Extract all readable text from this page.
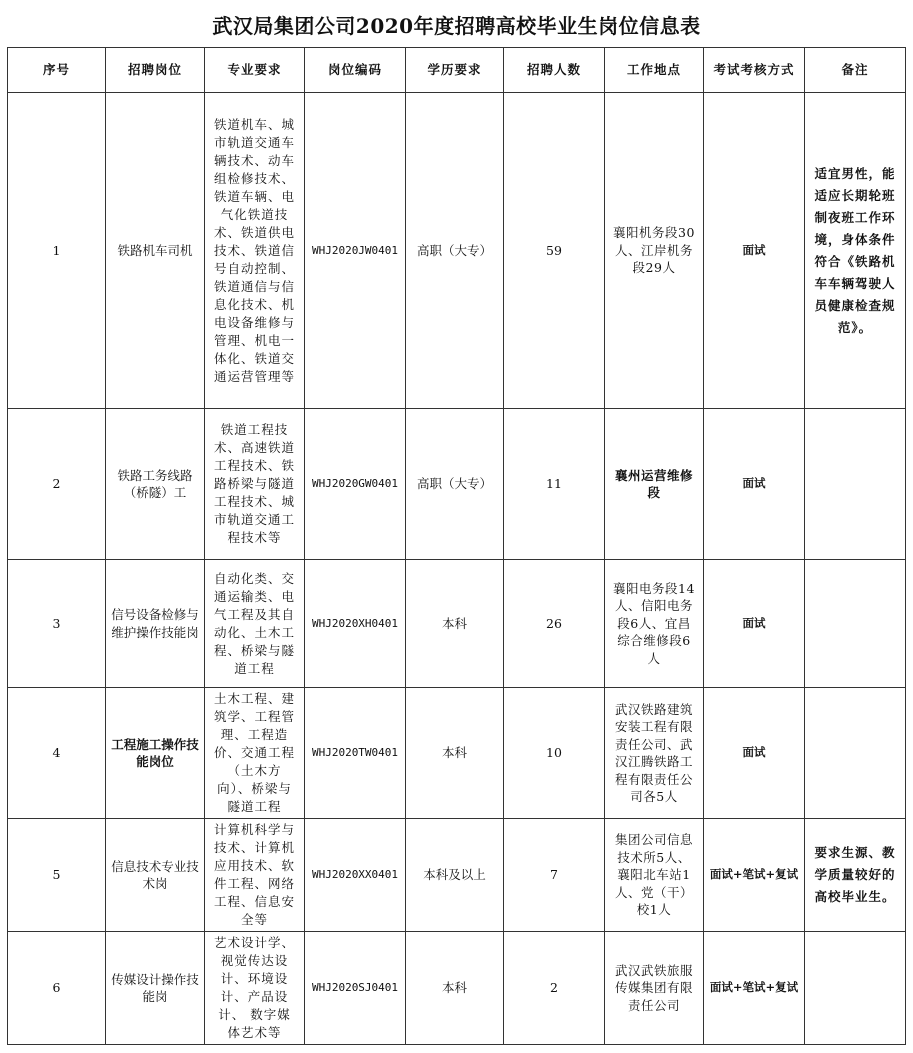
武汉局集团公司2020年度招聘高校毕业生岗位信息表
序号	招聘岗位	专业要求	岗位编码	学历要求	招聘人数	工作地点	考试考核方式	备注
1	铁路机车司机	铁道机车、城市轨道交通车辆技术、动车组检修技术、铁道车辆、电气化铁道技术、铁道供电技术、铁道信号自动控制、铁道通信与信息化技术、机电设备维修与管理、机电一体化、铁道交通运营管理等	WHJ2020JW0401	高职（大专）	59	襄阳机务段30人、江岸机务段29人	面试	适宜男性，能适应长期轮班制夜班工作环境，身体条件符合《铁路机车车辆驾驶人员健康检查规范》。
2	铁路工务线路（桥隧）工	铁道工程技术、高速铁道工程技术、铁路桥梁与隧道工程技术、城市轨道交通工程技术等	WHJ2020GW0401	高职（大专）	11	襄州运营维修段	面试	
3	信号设备检修与维护操作技能岗	自动化类、交通运输类、电气工程及其自动化、土木工程、桥梁与隧道工程	WHJ2020XH0401	本科	26	襄阳电务段14人、信阳电务段6人、宜昌综合维修段6人	面试	
4	工程施工操作技能岗位	土木工程、建筑学、工程管理、工程造价、交通工程（土木方向）、桥梁与隧道工程	WHJ2020TW0401	本科	10	武汉铁路建筑安装工程有限责任公司、武汉江腾铁路工程有限责任公司各5人	面试	
5	信息技术专业技术岗	计算机科学与技术、计算机应用技术、软件工程、网络工程、信息安全等	WHJ2020XX0401	本科及以上	7	集团公司信息技术所5人、襄阳北车站1人、党（干）校1人	面试+笔试+复试	要求生源、教学质量较好的高校毕业生。
6	传媒设计操作技能岗	艺术设计学、视觉传达设计、环境设计、产品设计、 数字媒体艺术等	WHJ2020SJ0401	本科	2	武汉武铁旅服传媒集团有限责任公司	面试+笔试+复试	
